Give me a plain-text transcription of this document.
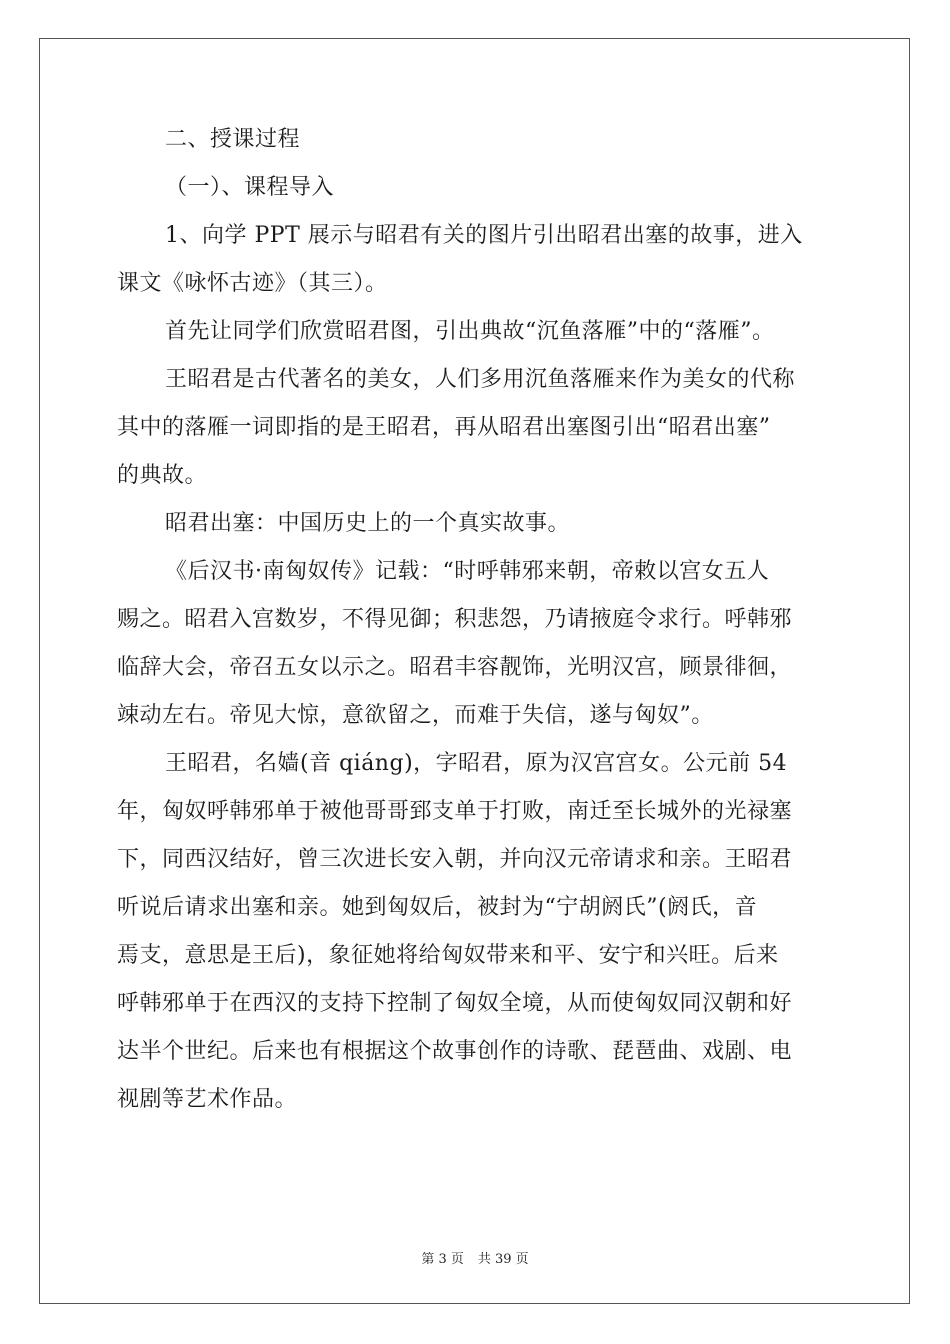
二、授课过程
（一）、课程导入
1、向学 PPT 展示与昭君有关的图片引出昭君出塞的故事，进入
课文《咏怀古迹》（其三）。
首先让同学们欣赏昭君图，引出典故“沉鱼落雁”中的“落雁”。
王昭君是古代著名的美女，人们多用沉鱼落雁来作为美女的代称
其中的落雁一词即指的是王昭君，再从昭君出塞图引出“昭君出塞”
的典故。
昭君出塞：中国历史上的一个真实故事。
《后汉书·南匈奴传》记载：“时呼韩邪来朝，帝敕以宫女五人
赐之。昭君入宫数岁，不得见御；积悲怨，乃请掖庭令求行。呼韩邪
临辞大会，帝召五女以示之。昭君丰容靓饰，光明汉宫，顾景徘徊，
竦动左右。帝见大惊，意欲留之，而难于失信，遂与匈奴”。
王昭君，名嫱(音 qiáng)，字昭君，原为汉宫宫女。公元前 54
年，匈奴呼韩邪单于被他哥哥郅支单于打败，南迁至长城外的光禄塞
下，同西汉结好，曾三次进长安入朝，并向汉元帝请求和亲。王昭君
听说后请求出塞和亲。她到匈奴后，被封为“宁胡阏氏”(阏氏，音
焉支，意思是王后)，象征她将给匈奴带来和平、安宁和兴旺。后来
呼韩邪单于在西汉的支持下控制了匈奴全境，从而使匈奴同汉朝和好
达半个世纪。后来也有根据这个故事创作的诗歌、琵琶曲、戏剧、电
视剧等艺术作品。
第 3 页 共 39 页
